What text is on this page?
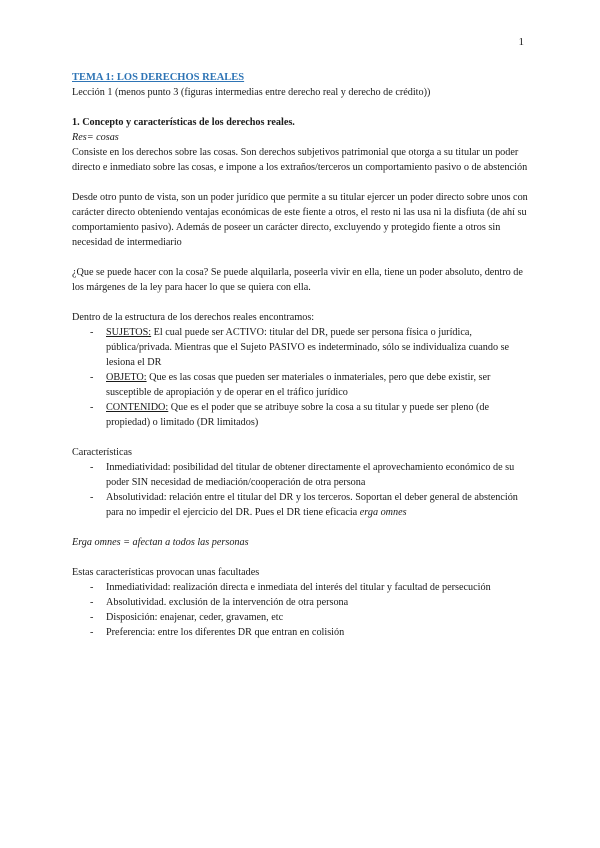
1

TEMA 1: LOS DERECHOS REALES

Lección 1 (menos punto 3 (figuras intermedias entre derecho real y derecho de crédito))

1. Concepto y características de los derechos reales.

Res= cosas

Consiste en los derechos sobre las cosas. Son derechos subjetivos patrimonial que otorga a su titular un poder directo e inmediato sobre las cosas, e impone a los extraños/terceros un comportamiento pasivo o de abstención

Desde otro punto de vista, son un poder jurídico que permite a su titular ejercer un poder directo sobre unos con carácter directo obteniendo ventajas económicas de este fiente a otros, el resto ni las usa ni la disfiuta (de ahí su comportamiento pasivo). Además de poseer un carácter directo, excluyendo y protegido fiente a otros sin necesidad de intermediario

¿Que se puede hacer con la cosa? Se puede alquilarla, poseerla vivir en ella, tiene un poder absoluto, dentro de los márgenes de la ley para hacer lo que se quiera con ella.

Dentro de la estructura de los derechos reales encontramos:

- SUJETOS: El cual puede ser ACTIVO: titular del DR, puede ser persona física o jurídica, pública/privada. Mientras que el Sujeto PASIVO es indeterminado, sólo se individualiza cuando se lesiona el DR
- OBJETO: Que es las cosas que pueden ser materiales o inmateriales, pero que debe existir, ser susceptible de apropiación y de operar en el tráfico jurídico
- CONTENIDO: Que es el poder que se atribuye sobre la cosa a su titular y puede ser pleno (de propiedad) o limitado (DR limitados)

Características

- Inmediatividad: posibilidad del titular de obtener directamente el aprovechamiento económico de su poder SIN necesidad de mediación/cooperación de otra persona
- Absolutividad: relación entre el titular del DR y los terceros. Soportan el deber general de abstención para no impedir el ejercicio del DR. Pues el DR tiene eficacia erga omnes

Erga omnes = afectan a todos las personas

Estas características provocan unas facultades

- Inmediatividad: realización directa e inmediata del interés del titular y facultad de persecución
- Absolutividad. exclusión de la intervención de otra persona
- Disposición: enajenar, ceder, gravamen, etc
- Preferencia: entre los diferentes DR que entran en colisión
